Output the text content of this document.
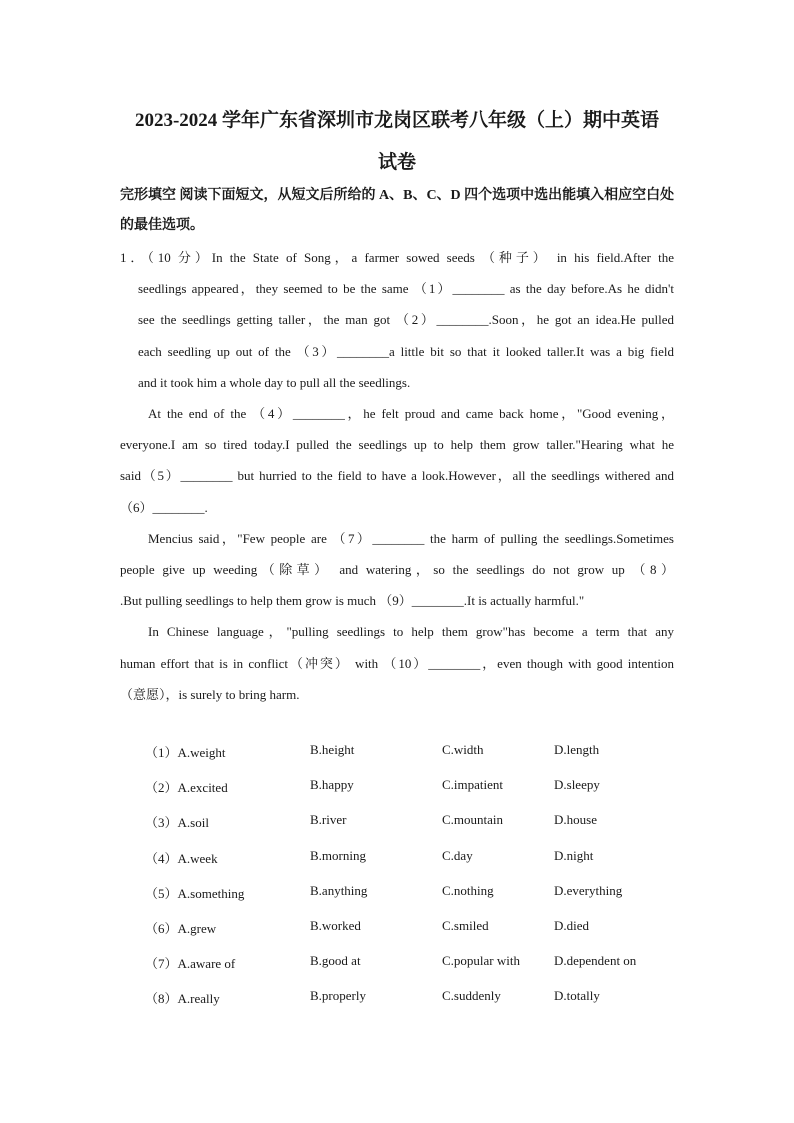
2023-2024 学年广东省深圳市龙岗区联考八年级（上）期中英语
试卷

完形填空 阅读下面短文，从短文后所给的 A、B、C、D 四个选项中选出能填入相应空白处的最佳选项。

1．（10 分）In the State of Song，a farmer sowed seeds （种子） in his field.After the
seedlings appeared，they seemed to be the same （1）________ as the day before.As he didn't
see the seedlings getting taller，the man got （2）________.Soon，he got an idea.He pulled
each seedling up out of the （3）________a little bit so that it looked taller.It was a big field
and it took him a whole day to pull all the seedlings.
At the end of the （4）________，he felt proud and came back home，"Good evening，
everyone.I am so tired today.I pulled the seedlings up to help them grow taller."Hearing what he
said（5）________ but hurried to the field to have a look.However，all the seedlings withered and
（6）________.
Mencius said，"Few people are （7）________ the harm of pulling the seedlings.Sometimes
people give up weeding（除草） and watering，so the seedlings do not grow up （8）
.But pulling seedlings to help them grow is much （9）________.It is actually harmful."
In Chinese language，"pulling seedlings to help them grow"has become a term that any
human effort that is in conflict（冲突） with （10）________，even though with good intention
（意愿），is surely to bring harm.
（1）A.weight	B.height	C.width	D.length
（2）A.excited	B.happy	C.impatient	D.sleepy
（3）A.soil	B.river	C.mountain	D.house
（4）A.week	B.morning	C.day	D.night
（5）A.something	B.anything	C.nothing	D.everything
（6）A.grew	B.worked	C.smiled	D.died
（7）A.aware of	B.good at	C.popular with	D.dependent on
（8）A.really	B.properly	C.suddenly	D.totally
